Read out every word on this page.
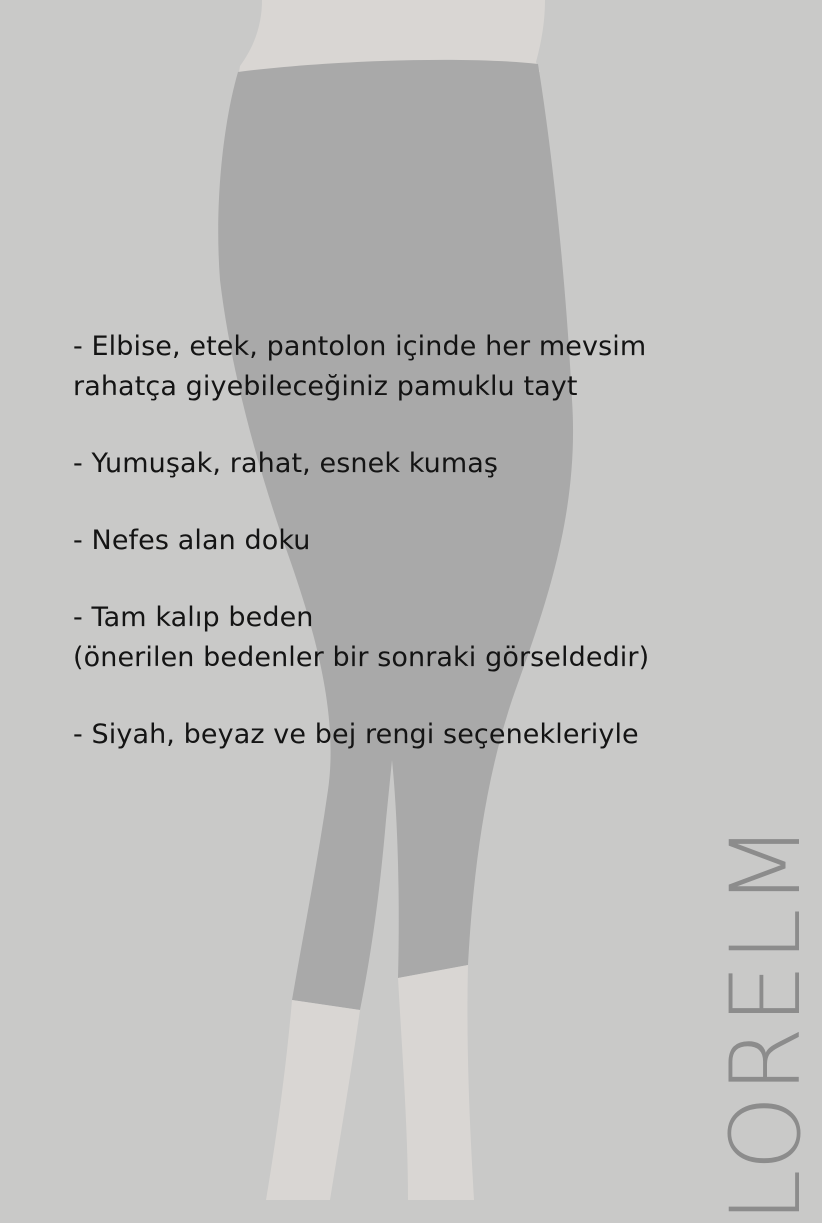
- Elbise, etek, pantolon içinde her mevsim
rahatça giyebileceğiniz pamuklu tayt
- Yumuşak, rahat, esnek kumaş
- Nefes alan doku
- Tam kalıp beden
(önerilen bedenler bir sonraki görseldedir)
- Siyah, beyaz ve bej rengi seçenekleriyle
LORELM
